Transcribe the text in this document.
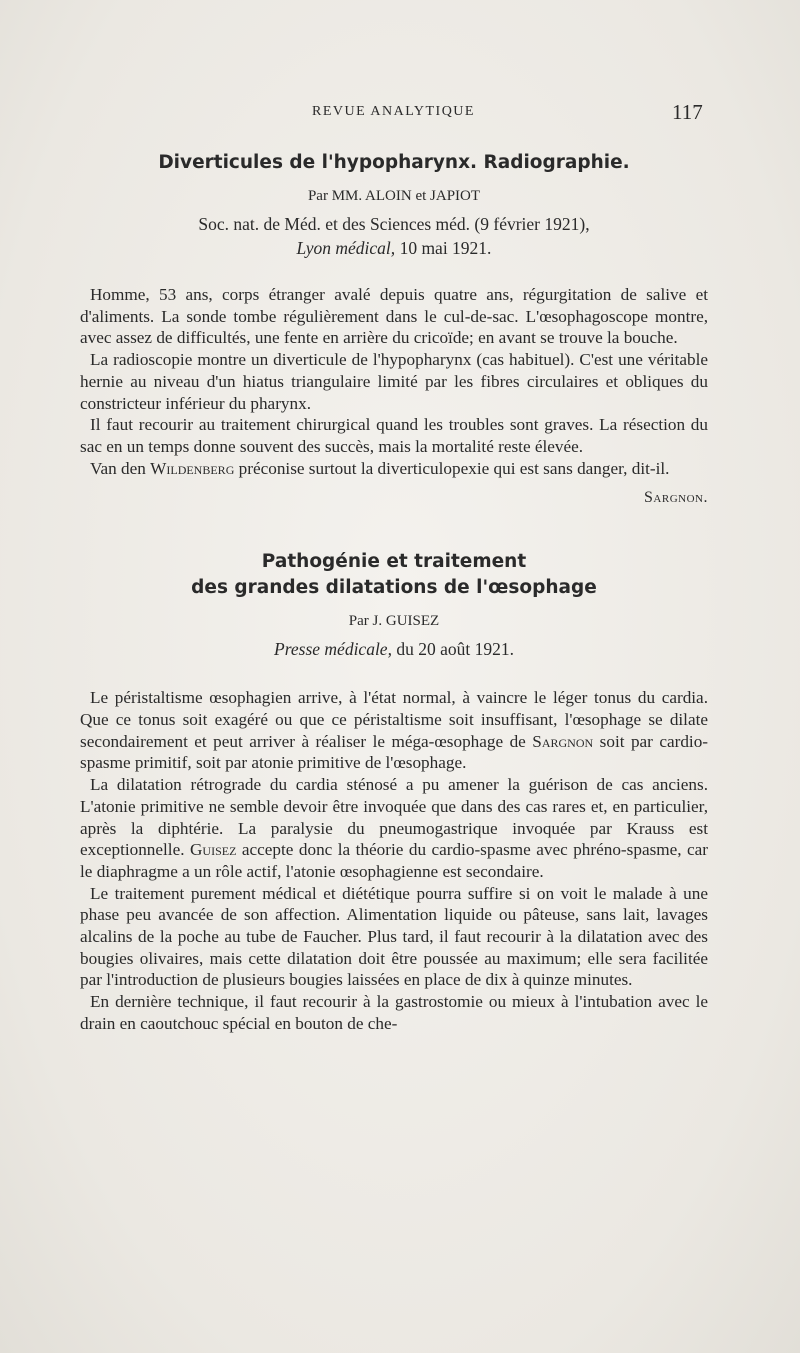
REVUE ANALYTIQUE	117
Diverticules de l'hypopharynx. Radiographie.

Par MM. ALOIN et JAPIOT

Soc. nat. de Méd. et des Sciences méd. (9 février 1921),
Lyon médical, 10 mai 1921.

Homme, 53 ans, corps étranger avalé depuis quatre ans, régurgitation de salive et d'aliments. La sonde tombe régulièrement dans le cul-de-sac. L'œsophagoscope montre, avec assez de difficultés, une fente en arrière du cricoïde; en avant se trouve la bouche.

La radioscopie montre un diverticule de l'hypopharynx (cas habituel). C'est une véritable hernie au niveau d'un hiatus triangulaire limité par les fibres circulaires et obliques du constricteur inférieur du pharynx.

Il faut recourir au traitement chirurgical quand les troubles sont graves. La résection du sac en un temps donne souvent des succès, mais la mortalité reste élevée.

Van den Wildenberg préconise surtout la diverticulopexie qui est sans danger, dit-il.

Sargnon.

Pathogénie et traitement
des grandes dilatations de l'œsophage

Par J. GUISEZ

Presse médicale, du 20 août 1921.

Le péristaltisme œsophagien arrive, à l'état normal, à vaincre le léger tonus du cardia. Que ce tonus soit exagéré ou que ce péristaltisme soit insuffisant, l'œsophage se dilate secondairement et peut arriver à réaliser le méga-œsophage de Sargnon soit par cardio-spasme primitif, soit par atonie primitive de l'œsophage.

La dilatation rétrograde du cardia sténosé a pu amener la guérison de cas anciens. L'atonie primitive ne semble devoir être invoquée que dans des cas rares et, en particulier, après la diphtérie. La paralysie du pneumogastrique invoquée par Krauss est exceptionnelle. Guisez accepte donc la théorie du cardio-spasme avec phréno-spasme, car le diaphragme a un rôle actif, l'atonie œsophagienne est secondaire.

Le traitement purement médical et diététique pourra suffire si on voit le malade à une phase peu avancée de son affection. Alimentation liquide ou pâteuse, sans lait, lavages alcalins de la poche au tube de Faucher. Plus tard, il faut recourir à la dilatation avec des bougies olivaires, mais cette dilatation doit être poussée au maximum; elle sera facilitée par l'introduction de plusieurs bougies laissées en place de dix à quinze minutes.

En dernière technique, il faut recourir à la gastrostomie ou mieux à l'intubation avec le drain en caoutchouc spécial en bouton de che-
